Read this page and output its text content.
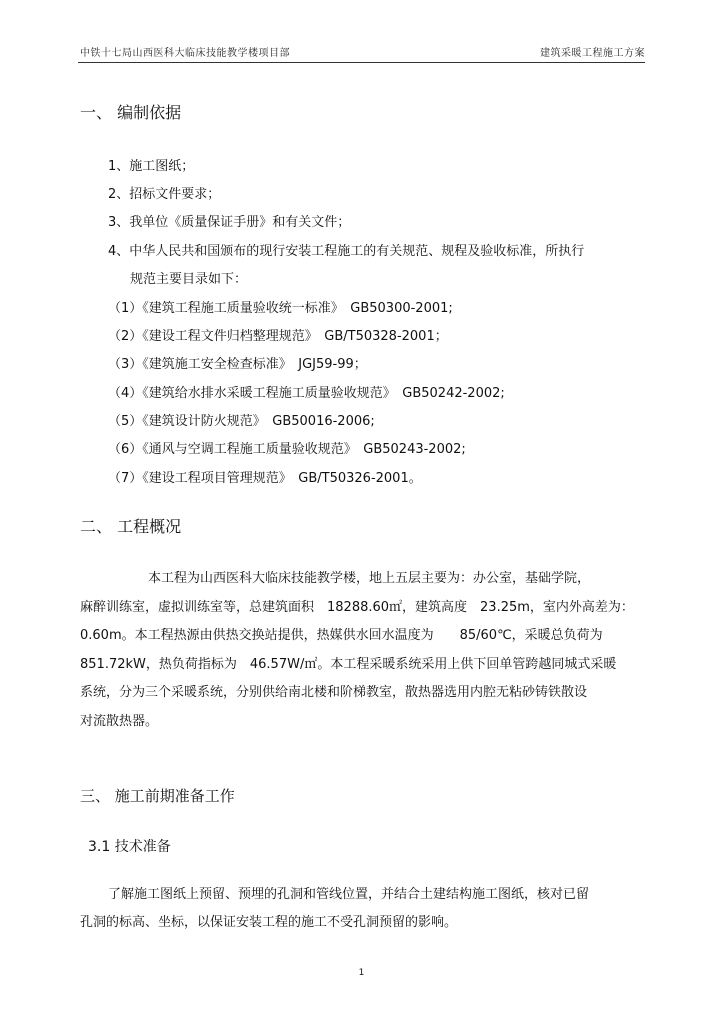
中铁十七局山西医科大临床技能教学楼项目部	建筑采暖工程施工方案
一、 编制依据
1、施工图纸；
2、招标文件要求；
3、我单位《质量保证手册》和有关文件；
4、中华人民共和国颁布的现行安装工程施工的有关规范、规程及验收标准，所执行
规范主要目录如下：
（1）《建筑工程施工质量验收统一标准》　GB50300-2001;
（2）《建设工程文件归档整理规范》　GB/T50328-2001；
（3）《建筑施工安全检查标准》　JGJ59-99；
（4）《建筑给水排水采暖工程施工质量验收规范》　GB50242-2002;
（5）《建筑设计防火规范》　GB50016-2006;
（6）《通风与空调工程施工质量验收规范》　GB50243-2002;
（7）《建设工程项目管理规范》　GB/T50326-2001。
二、 工程概况
本工程为山西医科大临床技能教学楼，地上五层主要为：办公室，基础学院，
麻醉训练室，虚拟训练室等，总建筑面积　18288.60㎡，建筑高度　23.25m，室内外高差为：
0.60m。本工程热源由供热交换站提供，热媒供水回水温度为　　85/60℃，采暖总负荷为
851.72kW，热负荷指标为　46.57W/㎡。本工程采暖系统采用上供下回单管跨越同城式采暖
系统，分为三个采暖系统，分别供给南北楼和阶梯教室，散热器选用内腔无粘砂铸铁散设
对流散热器。
三、 施工前期准备工作
3.1 技术准备
了解施工图纸上预留、预埋的孔洞和管线位置，并结合土建结构施工图纸，核对已留
孔洞的标高、坐标，以保证安装工程的施工不受孔洞预留的影响。
1
